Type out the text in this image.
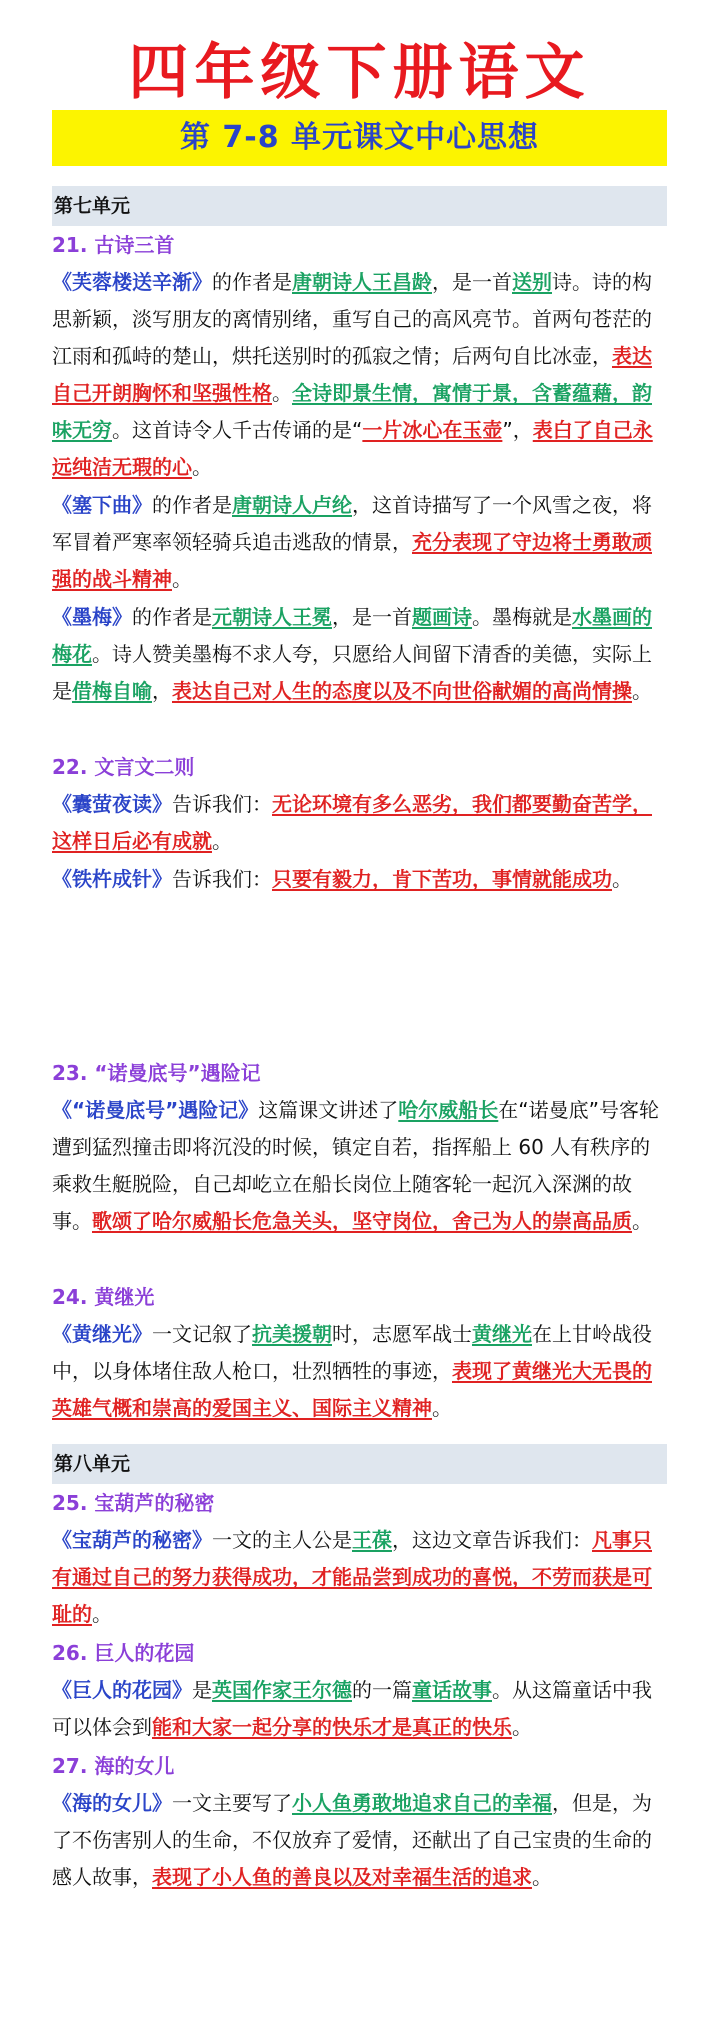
四年级下册语文
第 7-8 单元课文中心思想
第七单元
21. 古诗三首
《芙蓉楼送辛渐》的作者是唐朝诗人王昌龄，是一首送别诗。诗的构思新颖，淡写朋友的离情别绪，重写自己的高风亮节。首两句苍茫的江雨和孤峙的楚山，烘托送别时的孤寂之情；后两句自比冰壶，表达自己开朗胸怀和坚强性格。全诗即景生情，寓情于景，含蓄蕴藉，韵味无穷。这首诗令人千古传诵的是“一片冰心在玉壶”，表白了自己永远纯洁无瑕的心。
《塞下曲》的作者是唐朝诗人卢纶，这首诗描写了一个风雪之夜，将军冒着严寒率领轻骑兵追击逃敌的情景，充分表现了守边将士勇敢顽强的战斗精神。
《墨梅》的作者是元朝诗人王冕，是一首题画诗。墨梅就是水墨画的梅花。诗人赞美墨梅不求人夸，只愿给人间留下清香的美德，实际上是借梅自喻，表达自己对人生的态度以及不向世俗献媚的高尚情操。
22. 文言文二则
《囊萤夜读》告诉我们：无论环境有多么恶劣，我们都要勤奋苦学，这样日后必有成就。
《铁杵成针》告诉我们：只要有毅力，肯下苦功，事情就能成功。
23. “诺曼底号”遇险记
《“诺曼底号”遇险记》这篇课文讲述了哈尔威船长在“诺曼底”号客轮遭到猛烈撞击即将沉没的时候，镇定自若，指挥船上 60 人有秩序的乘救生艇脱险，自己却屹立在船长岗位上随客轮一起沉入深渊的故事。歌颂了哈尔威船长危急关头，坚守岗位，舍己为人的崇高品质。
24. 黄继光
《黄继光》一文记叙了抗美援朝时，志愿军战士黄继光在上甘岭战役中，以身体堵住敌人枪口，壮烈牺牲的事迹，表现了黄继光大无畏的英雄气概和崇高的爱国主义、国际主义精神。
第八单元
25. 宝葫芦的秘密
《宝葫芦的秘密》一文的主人公是王葆，这边文章告诉我们：凡事只有通过自己的努力获得成功，才能品尝到成功的喜悦，不劳而获是可耻的。
26. 巨人的花园
《巨人的花园》是英国作家王尔德的一篇童话故事。从这篇童话中我可以体会到能和大家一起分享的快乐才是真正的快乐。
27. 海的女儿
《海的女儿》一文主要写了小人鱼勇敢地追求自己的幸福，但是，为了不伤害别人的生命，不仅放弃了爱情，还献出了自己宝贵的生命的感人故事，表现了小人鱼的善良以及对幸福生活的追求。
